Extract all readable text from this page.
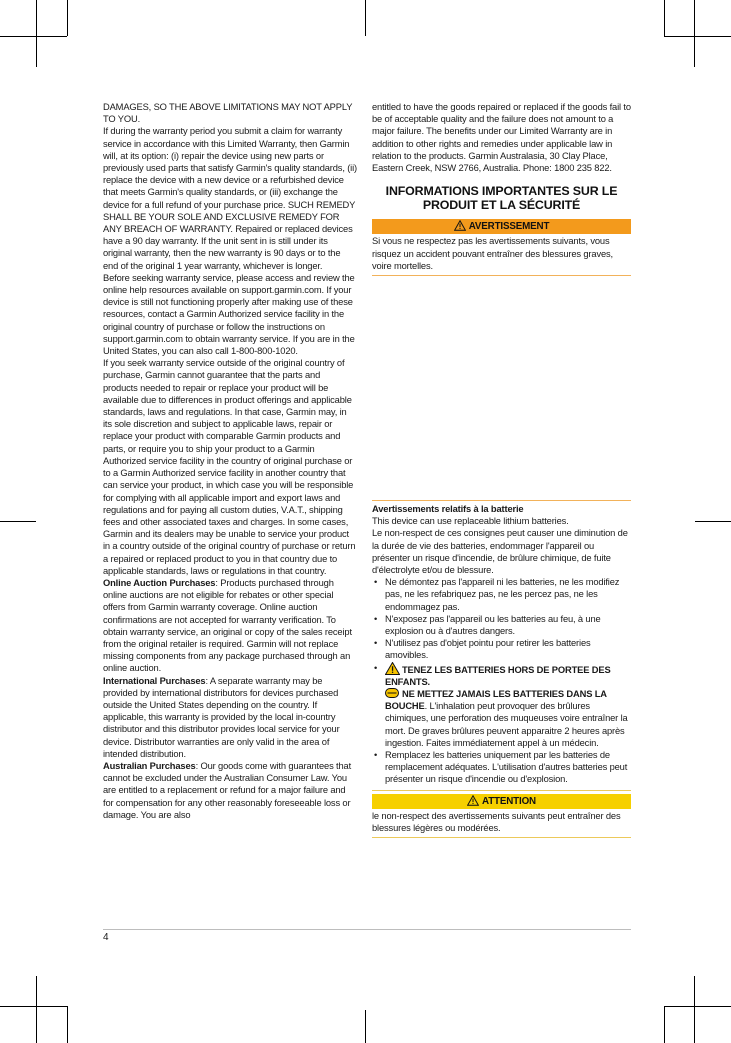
DAMAGES, SO THE ABOVE LIMITATIONS MAY NOT APPLY TO YOU.

If during the warranty period you submit a claim for warranty service in accordance with this Limited Warranty, then Garmin will, at its option: (i) repair the device using new parts or previously used parts that satisfy Garmin's quality standards, (ii) replace the device with a new device or a refurbished device that meets Garmin's quality standards, or (iii) exchange the device for a full refund of your purchase price. SUCH REMEDY SHALL BE YOUR SOLE AND EXCLUSIVE REMEDY FOR ANY BREACH OF WARRANTY. Repaired or replaced devices have a 90 day warranty. If the unit sent in is still under its original warranty, then the new warranty is 90 days or to the end of the original 1 year warranty, whichever is longer.

Before seeking warranty service, please access and review the online help resources available on support.garmin.com. If your device is still not functioning properly after making use of these resources, contact a Garmin Authorized service facility in the original country of purchase or follow the instructions on support.garmin.com to obtain warranty service. If you are in the United States, you can also call 1-800-800-1020.

If you seek warranty service outside of the original country of purchase, Garmin cannot guarantee that the parts and products needed to repair or replace your product will be available due to differences in product offerings and applicable standards, laws and regulations. In that case, Garmin may, in its sole discretion and subject to applicable laws, repair or replace your product with comparable Garmin products and parts, or require you to ship your product to a Garmin Authorized service facility in the country of original purchase or to a Garmin Authorized service facility in another country that can service your product, in which case you will be responsible for complying with all applicable import and export laws and regulations and for paying all custom duties, V.A.T., shipping fees and other associated taxes and charges. In some cases, Garmin and its dealers may be unable to service your product in a country outside of the original country of purchase or return a repaired or replaced product to you in that country due to applicable standards, laws or regulations in that country.

Online Auction Purchases: Products purchased through online auctions are not eligible for rebates or other special offers from Garmin warranty coverage. Online auction confirmations are not accepted for warranty verification. To obtain warranty service, an original or copy of the sales receipt from the original retailer is required. Garmin will not replace missing components from any package purchased through an online auction.

International Purchases: A separate warranty may be provided by international distributors for devices purchased outside the United States depending on the country. If applicable, this warranty is provided by the local in-country distributor and this distributor provides local service for your device. Distributor warranties are only valid in the area of intended distribution.

Australian Purchases: Our goods come with guarantees that cannot be excluded under the Australian Consumer Law. You are entitled to a replacement or refund for a major failure and for compensation for any other reasonably foreseeable loss or damage. You are also

entitled to have the goods repaired or replaced if the goods fail to be of acceptable quality and the failure does not amount to a major failure. The benefits under our Limited Warranty are in addition to other rights and remedies under applicable law in relation to the products. Garmin Australasia, 30 Clay Place, Eastern Creek, NSW 2766, Australia. Phone: 1800 235 822.

INFORMATIONS IMPORTANTES SUR LE PRODUIT ET LA SÉCURITÉ
AVERTISSEMENT

Si vous ne respectez pas les avertissements suivants, vous risquez un accident pouvant entraîner des blessures graves, voire mortelles.

Avertissements relatifs à la batterie

This device can use replaceable lithium batteries.

Le non-respect de ces consignes peut causer une diminution de la durée de vie des batteries, endommager l'appareil ou présenter un risque d'incendie, de brûlure chimique, de fuite d'électrolyte et/ou de blessure.

• Ne démontez pas l'appareil ni les batteries, ne les modifiez pas, ne les refabriquez pas, ne les percez pas, ne les endommagez pas.
• N'exposez pas l'appareil ou les batteries au feu, à une explosion ou à d'autres dangers.
• N'utilisez pas d'objet pointu pour retirer les batteries amovibles.
• TENEZ LES BATTERIES HORS DE PORTEE DES ENFANTS.
NE METTEZ JAMAIS LES BATTERIES DANS LA BOUCHE. L'inhalation peut provoquer des brûlures chimiques, une perforation des muqueuses voire entraîner la mort. De graves brûlures peuvent apparaitre 2 heures après ingestion. Faites immédiatement appel à un médecin.
• Remplacez les batteries uniquement par les batteries de remplacement adéquates. L'utilisation d'autres batteries peut présenter un risque d'incendie ou d'explosion.
ATTENTION

le non-respect des avertissements suivants peut entraîner des blessures légères ou modérées.

4
